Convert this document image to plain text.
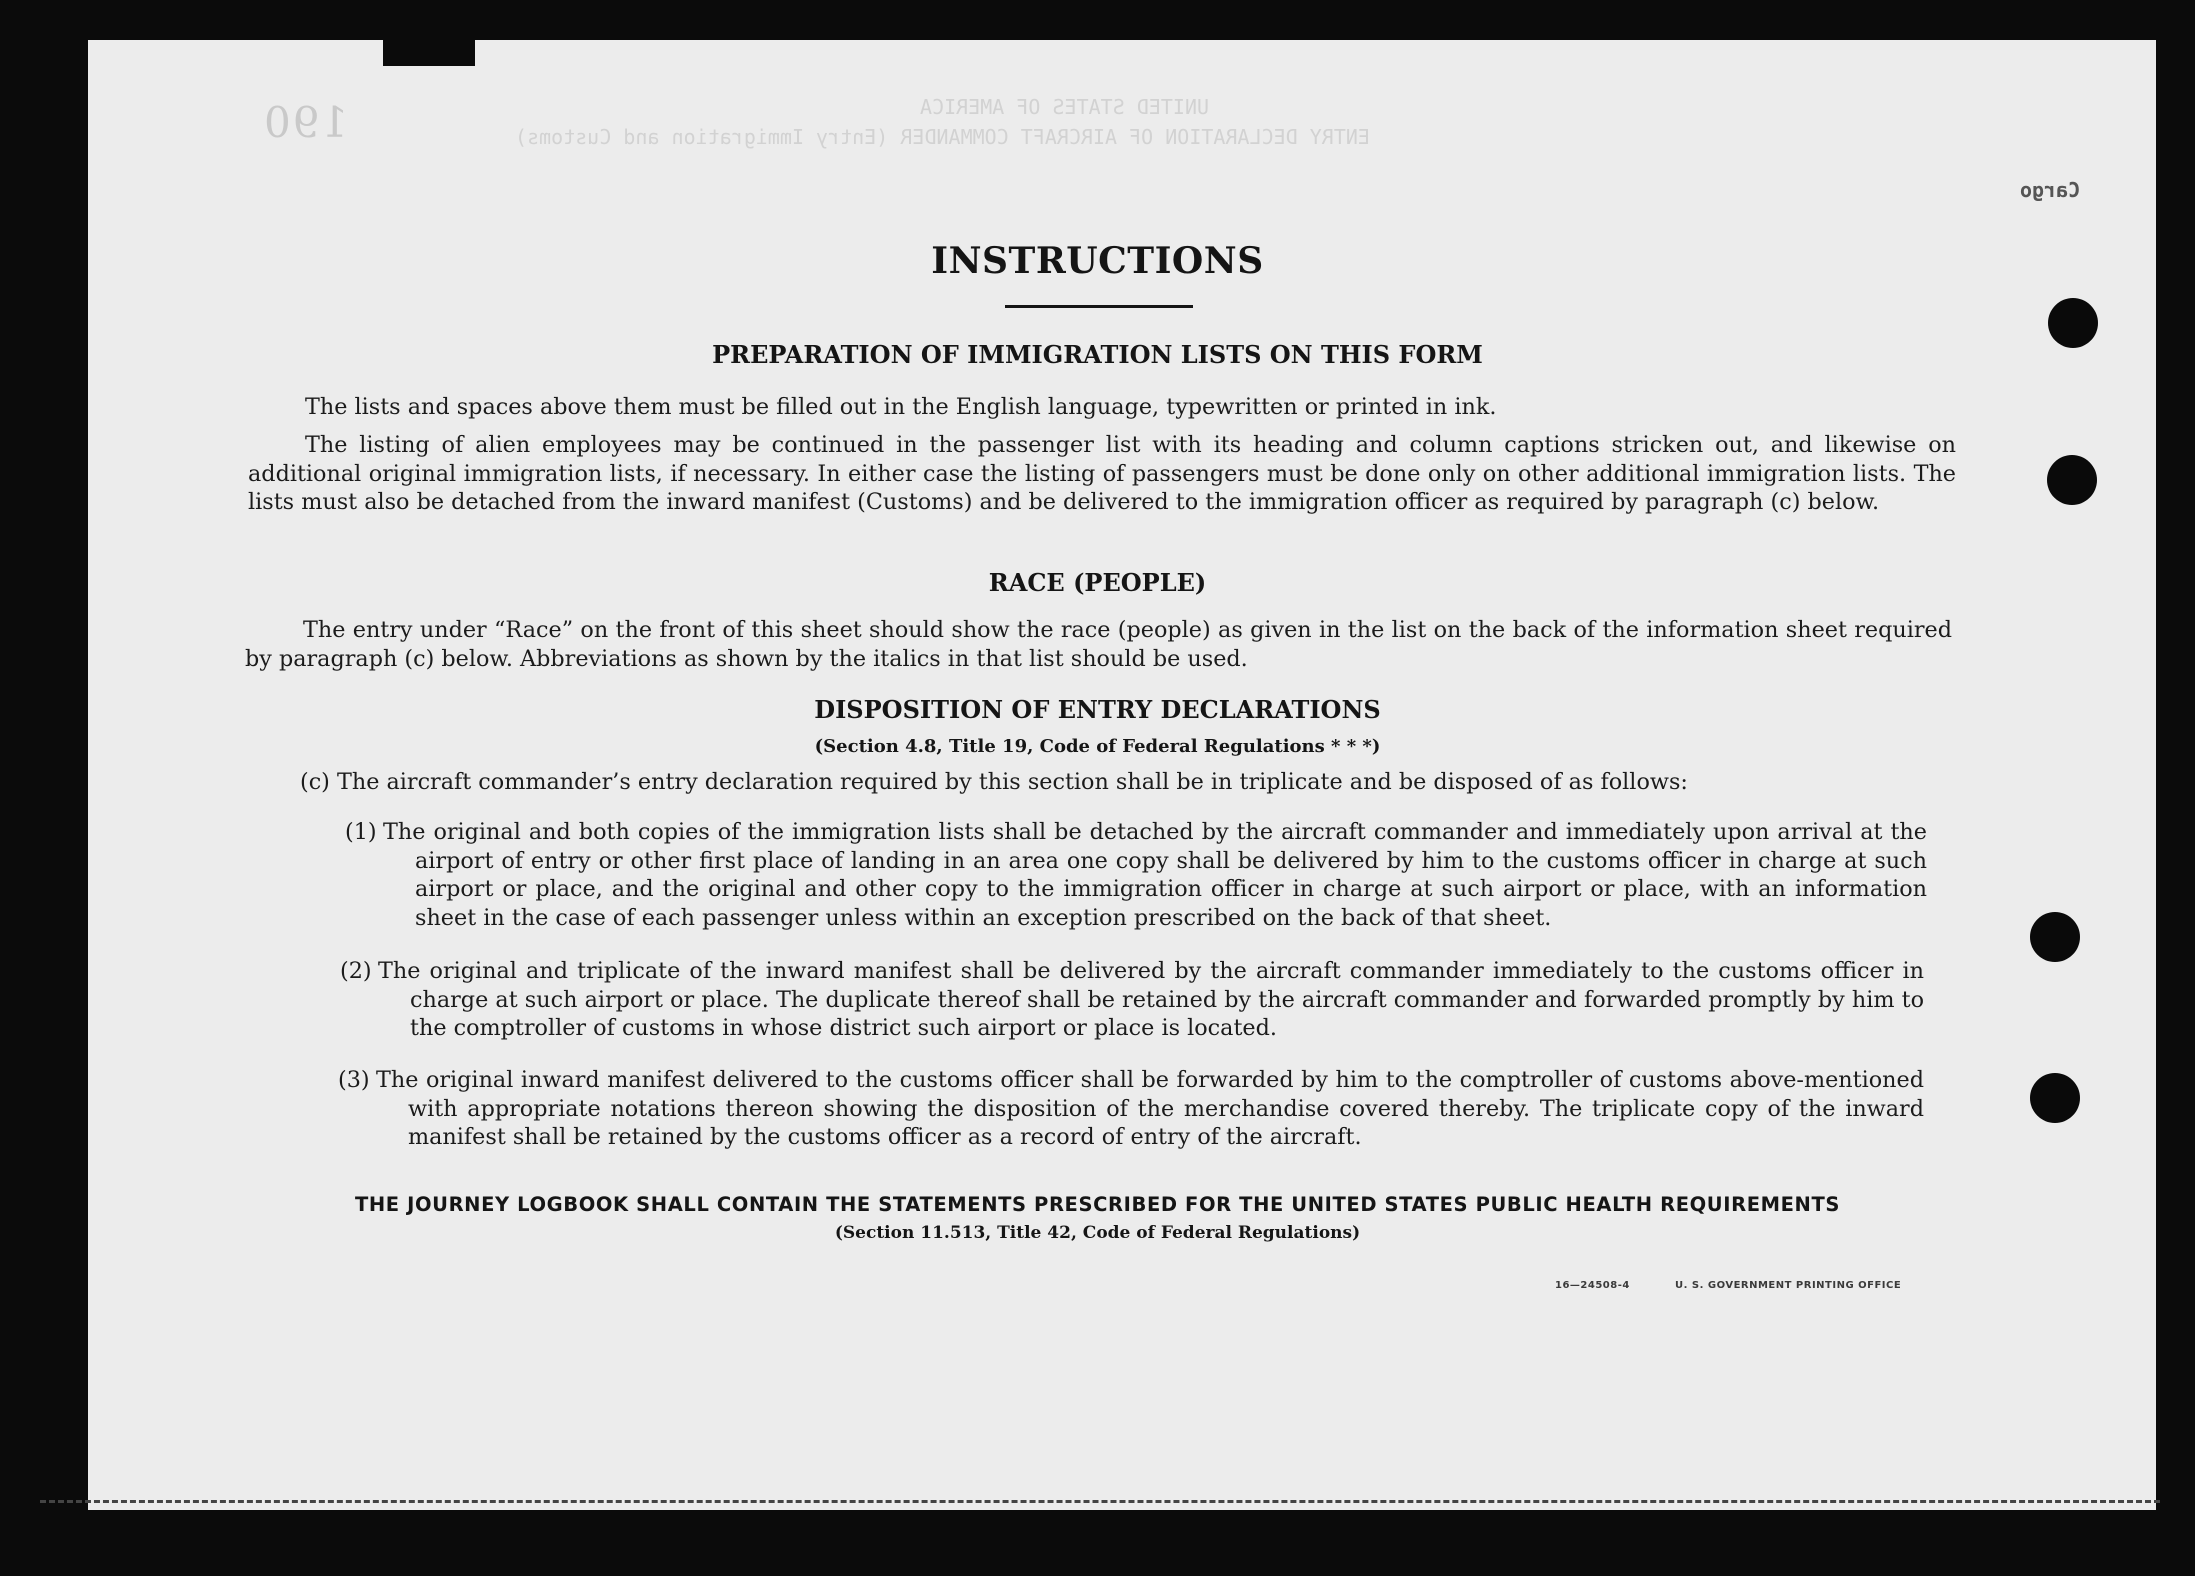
190	UNITED STATES OF AMERICA
ENTRY DECLARATION OF AIRCRAFT COMMANDER (Entry Immigration and Customs)
Cargo
INSTRUCTIONS
PREPARATION OF IMMIGRATION LISTS ON THIS FORM
The lists and spaces above them must be filled out in the English language, typewritten or printed in ink.
The listing of alien employees may be continued in the passenger list with its heading and column captions stricken out, and likewise on additional original immigration lists, if necessary. In either case the listing of passengers must be done only on other additional immigration lists. The lists must also be detached from the inward manifest (Customs) and be delivered to the immigration officer as required by paragraph (c) below.
RACE (PEOPLE)
The entry under “Race” on the front of this sheet should show the race (people) as given in the list on the back of the information sheet required by paragraph (c) below. Abbreviations as shown by the italics in that list should be used.
DISPOSITION OF ENTRY DECLARATIONS
(Section 4.8, Title 19, Code of Federal Regulations * * *)
(c) The aircraft commander’s entry declaration required by this section shall be in triplicate and be disposed of as follows:
(1) The original and both copies of the immigration lists shall be detached by the aircraft commander and immediately upon arrival at the airport of entry or other first place of landing in an area one copy shall be delivered by him to the customs officer in charge at such airport or place, and the original and other copy to the immigration officer in charge at such airport or place, with an information sheet in the case of each passenger unless within an exception prescribed on the back of that sheet.
(2) The original and triplicate of the inward manifest shall be delivered by the aircraft commander immediately to the customs officer in charge at such airport or place. The duplicate thereof shall be retained by the aircraft commander and forwarded promptly by him to the comptroller of customs in whose district such airport or place is located.
(3) The original inward manifest delivered to the customs officer shall be forwarded by him to the comptroller of customs above-mentioned with appropriate notations thereon showing the disposition of the merchandise covered thereby. The triplicate copy of the inward manifest shall be retained by the customs officer as a record of entry of the aircraft.
THE JOURNEY LOGBOOK SHALL CONTAIN THE STATEMENTS PRESCRIBED FOR THE UNITED STATES PUBLIC HEALTH REQUIREMENTS
(Section 11.513, Title 42, Code of Federal Regulations)
16—24508-4	U. S. GOVERNMENT PRINTING OFFICE
